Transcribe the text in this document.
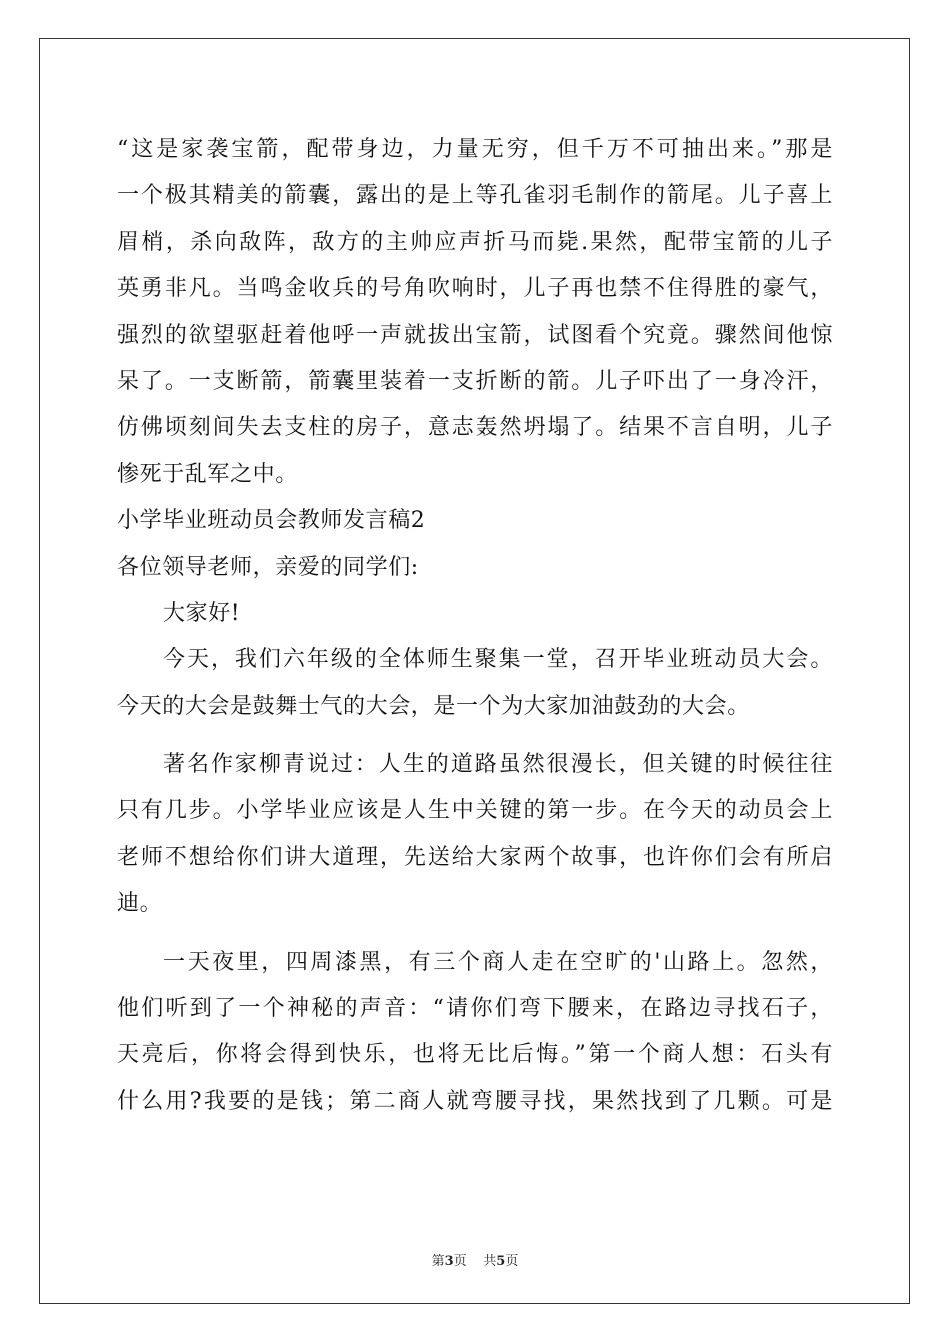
“这是家袭宝箭，配带身边，力量无穷，但千万不可抽出来。”那是
一个极其精美的箭囊，露出的是上等孔雀羽毛制作的箭尾。儿子喜上
眉梢，杀向敌阵，敌方的主帅应声折马而毙.果然，配带宝箭的儿子
英勇非凡。当鸣金收兵的号角吹响时，儿子再也禁不住得胜的豪气，
强烈的欲望驱赶着他呼一声就拔出宝箭，试图看个究竟。骤然间他惊
呆了。一支断箭，箭囊里装着一支折断的箭。儿子吓出了一身冷汗，
仿佛顷刻间失去支柱的房子，意志轰然坍塌了。结果不言自明，儿子
惨死于乱军之中。
小学毕业班动员会教师发言稿2
各位领导老师，亲爱的同学们:
大家好!
今天，我们六年级的全体师生聚集一堂，召开毕业班动员大会。
今天的大会是鼓舞士气的大会，是一个为大家加油鼓劲的大会。
著名作家柳青说过：人生的道路虽然很漫长，但关键的时候往往
只有几步。小学毕业应该是人生中关键的第一步。在今天的动员会上
老师不想给你们讲大道理，先送给大家两个故事，也许你们会有所启
迪。
一天夜里，四周漆黑，有三个商人走在空旷的'山路上。忽然，
他们听到了一个神秘的声音：“请你们弯下腰来，在路边寻找石子，
天亮后，你将会得到快乐，也将无比后悔。”第一个商人想：石头有
什么用?我要的是钱；第二商人就弯腰寻找，果然找到了几颗。可是
第3页 共5页
